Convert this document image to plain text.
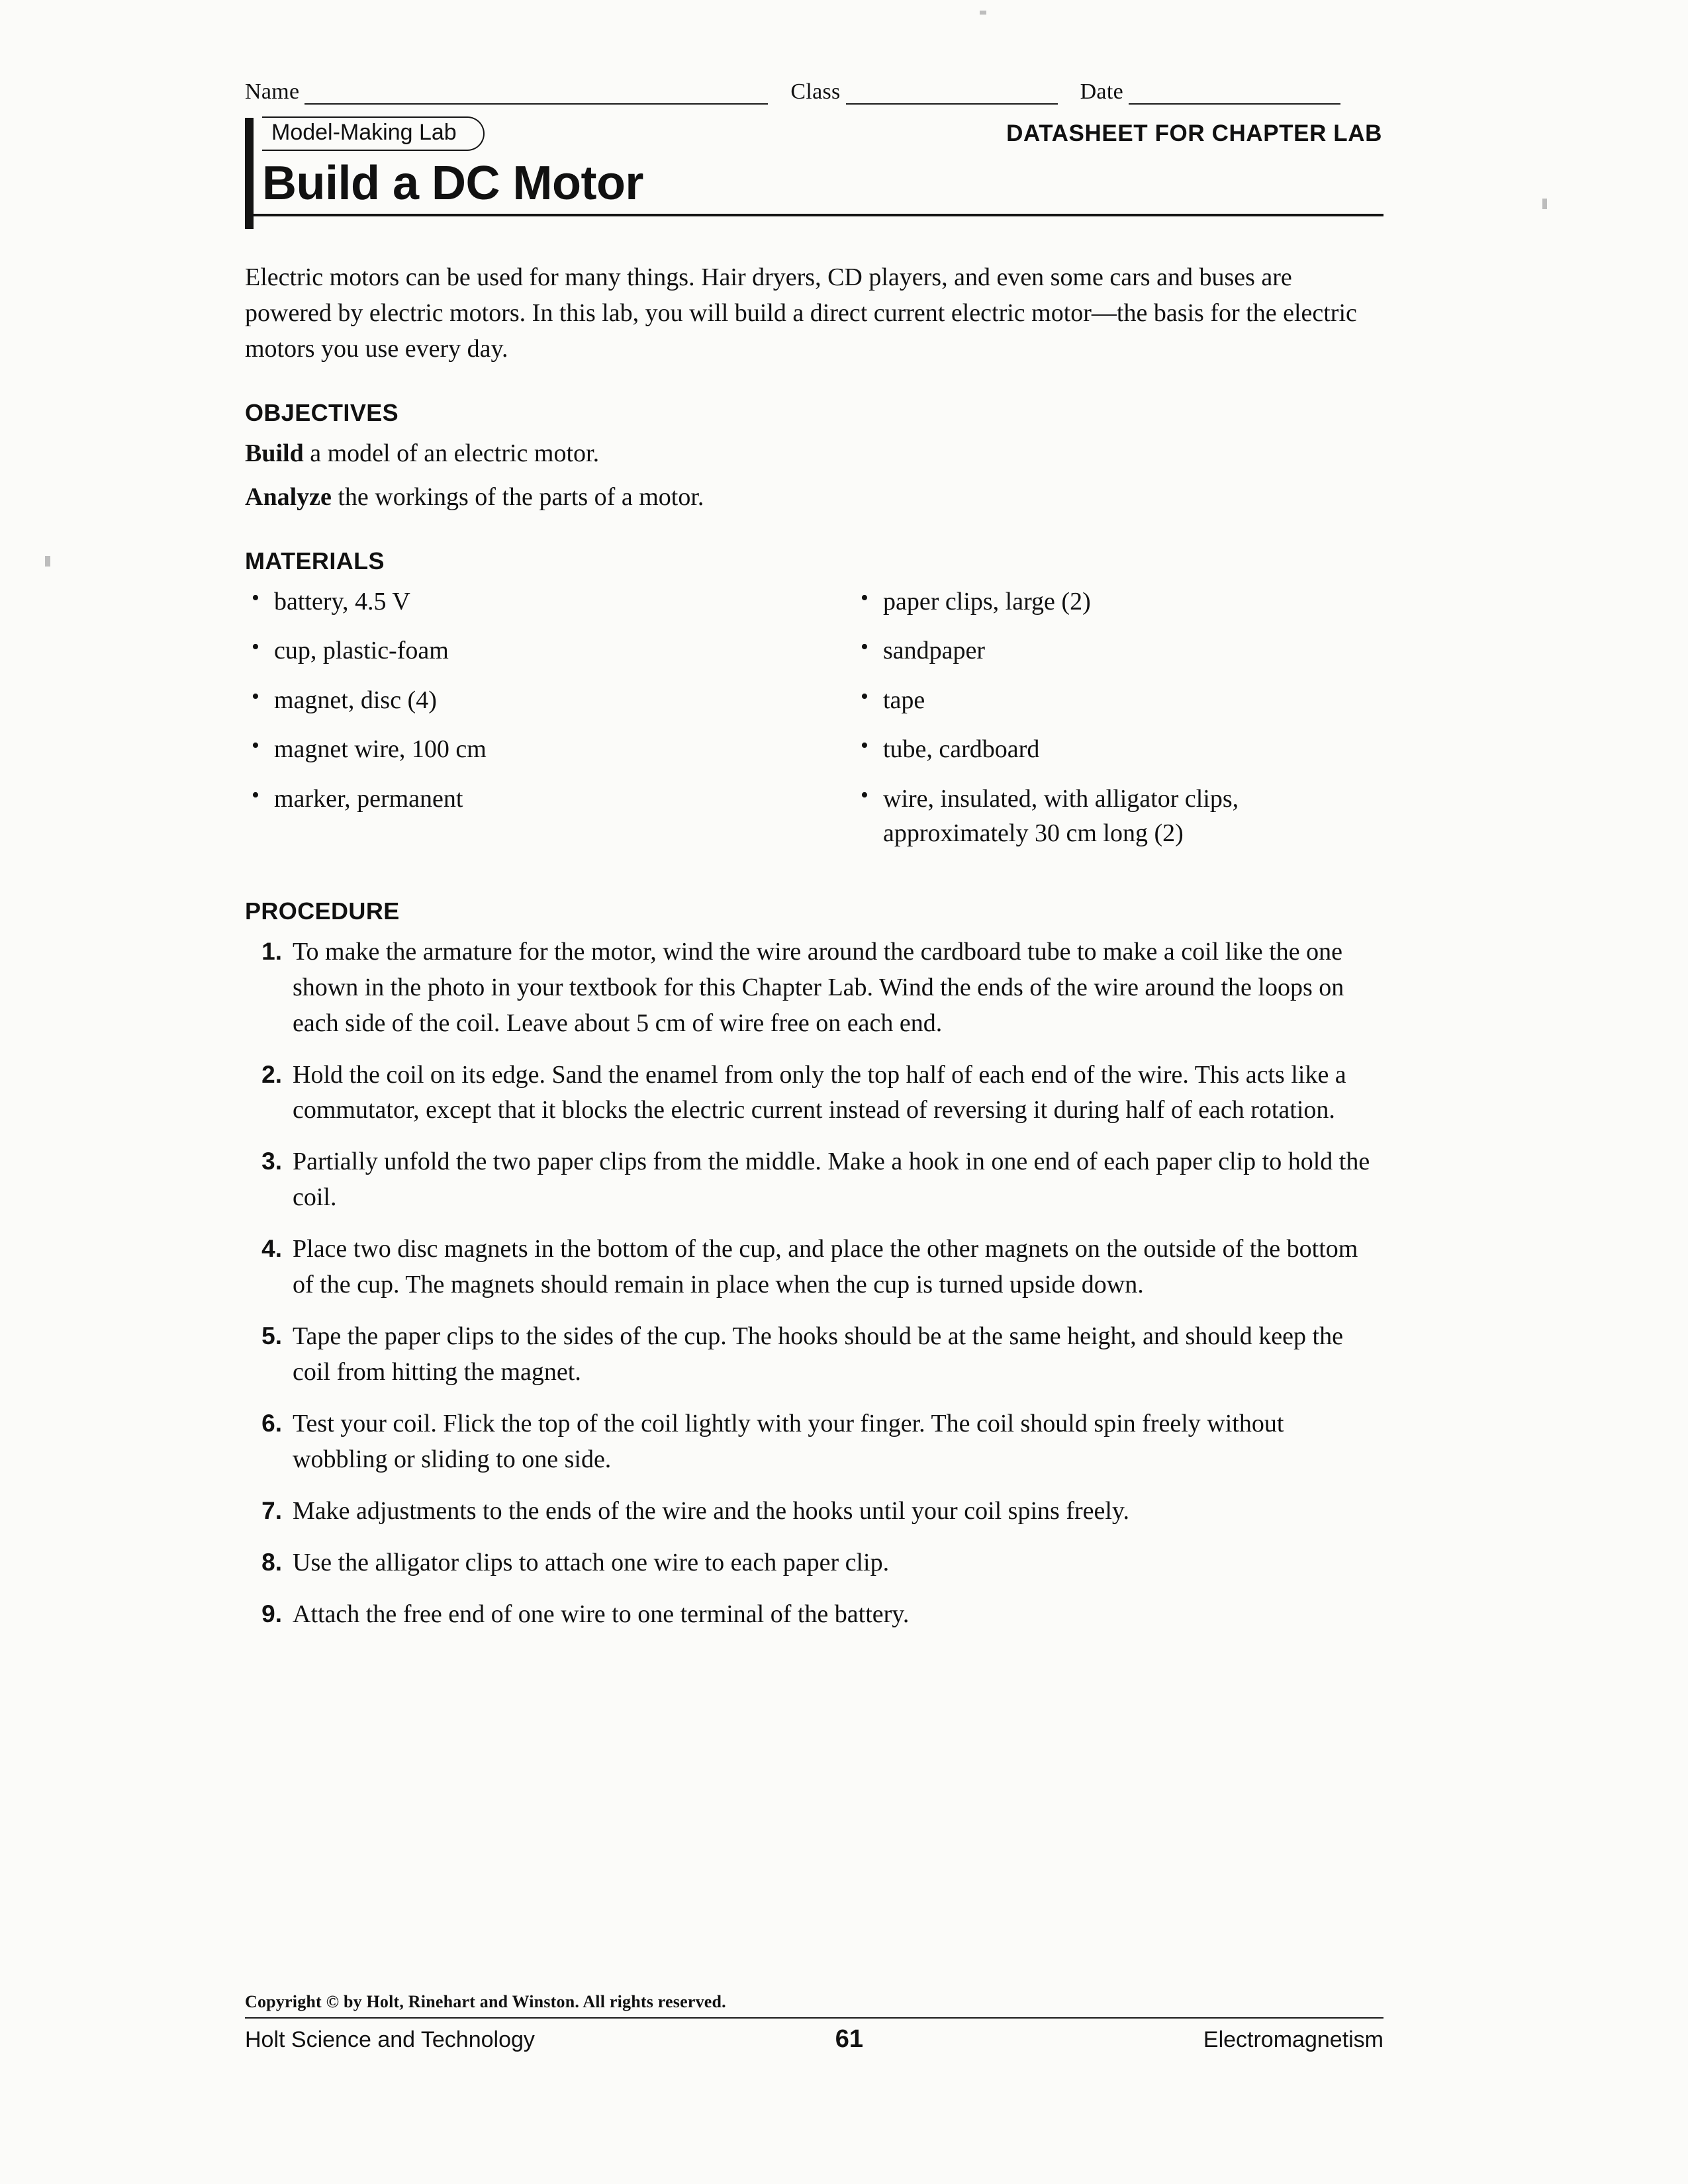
Name	Class	Date
Model-Making Lab	DATASHEET FOR CHAPTER LAB
Build a DC Motor
Electric motors can be used for many things. Hair dryers, CD players, and even some cars and buses are powered by electric motors. In this lab, you will build a direct current electric motor—the basis for the electric motors you use every day.
OBJECTIVES
Build a model of an electric motor.
Analyze the workings of the parts of a motor.
MATERIALS
• battery, 4.5 V
• cup, plastic-foam
• magnet, disc (4)
• magnet wire, 100 cm
• marker, permanent
• paper clips, large (2)
• sandpaper
• tape
• tube, cardboard
• wire, insulated, with alligator clips, approximately 30 cm long (2)
PROCEDURE
1. To make the armature for the motor, wind the wire around the cardboard tube to make a coil like the one shown in the photo in your textbook for this Chapter Lab. Wind the ends of the wire around the loops on each side of the coil. Leave about 5 cm of wire free on each end.
2. Hold the coil on its edge. Sand the enamel from only the top half of each end of the wire. This acts like a commutator, except that it blocks the electric current instead of reversing it during half of each rotation.
3. Partially unfold the two paper clips from the middle. Make a hook in one end of each paper clip to hold the coil.
4. Place two disc magnets in the bottom of the cup, and place the other magnets on the outside of the bottom of the cup. The magnets should remain in place when the cup is turned upside down.
5. Tape the paper clips to the sides of the cup. The hooks should be at the same height, and should keep the coil from hitting the magnet.
6. Test your coil. Flick the top of the coil lightly with your finger. The coil should spin freely without wobbling or sliding to one side.
7. Make adjustments to the ends of the wire and the hooks until your coil spins freely.
8. Use the alligator clips to attach one wire to each paper clip.
9. Attach the free end of one wire to one terminal of the battery.
Copyright © by Holt, Rinehart and Winston. All rights reserved.
Holt Science and Technology	61	Electromagnetism
